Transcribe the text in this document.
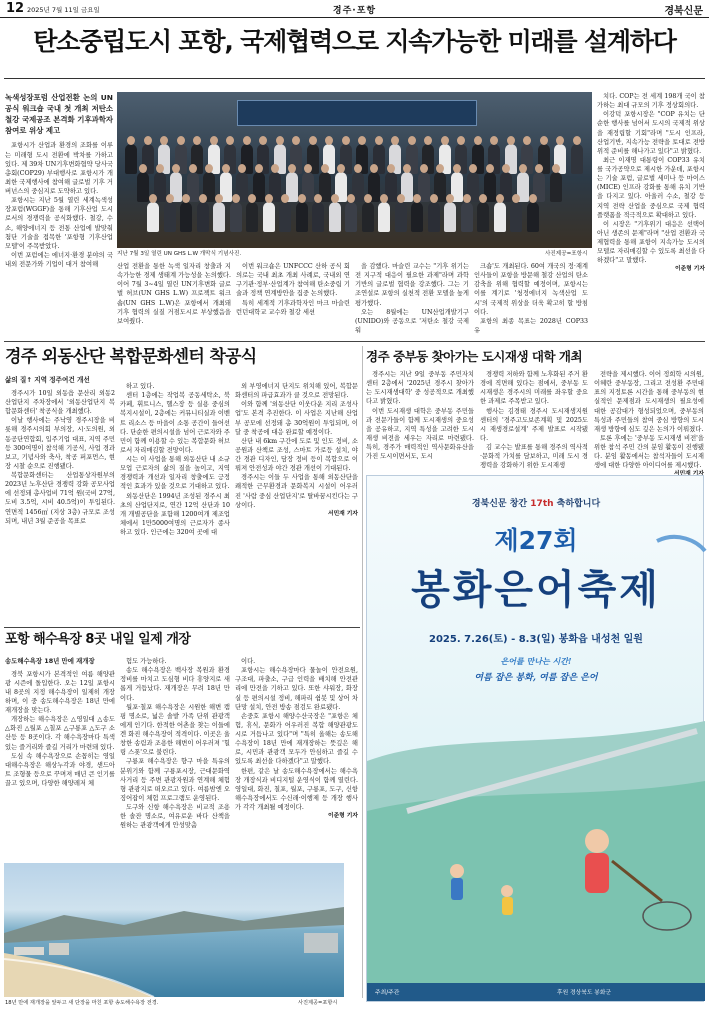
12 2025년 7월 11일 금요일	경주·포항	경북신문
탄소중립도시 포항, 국제협력으로 지속가능한 미래를 설계하다
녹색성장포럼 산업전환 논의 UN 공식 워크숍 국내 첫 개최 저탄소 철강 국제공조 본격화 기후과학자 참여로 위상 제고

포항시가 산업과 환경의 조화를 이루는 미래형 도시 전환에 박차를 가하고 있다. 제 39차 UN기후변화협약 당사국총회(COP29) 부대행사로 포항시가 개최한 국제행사에 참여해 글로벌 기후 거버넌스의 중심지로 도약하고 있다.

포항시는 지난 5월 열린 세계녹색성장포럼(WGGF)을 통해 기후산업 도시로서의 경쟁력을 공식화했다. 철강, 수소, 해양에너지 등 전통 산업에 발맞춰 첨단 기술을 접목한 '포항형 기후산업 모델'이 주목받았다.

이번 포럼에는 에너지·환경 분야의 국내외 전문가와 기업이 대거 참여해

지난 7월 3일 열린 UN GHS L.W 개막식 기념사진.	사진제공=포항시
산업 전환을 통한 녹색 일자리 창출과 지속가능한 경제 생태계 가능성을 논의했다. 이어 7월 3~4일 열린 UN기후변화 글로벌 허브(UN GHS L.W) 프로젝트 워크숍(UN GHS L.W)은 포항에서 개최돼 기후 협력의 실질 거점도시로 부상했음을 보여줬다.

이번 워크숍은 UNFCCC 산하 공식 회의로는 국내 최초 개최 사례로, 국내외 연구기관·정부·산업계가 참여해 탄소중립 기술과 정책 연계방안을 집중 논의했다.

특히 세계적 기후과학자인 마크 마슬린 런던대학교 교수와 철강 세션

을 감했다. 마슬린 교수는 "기후 위기는 전 지구적 대응이 필요한 과제"라며 과학 기반의 글로벌 협력을 강조했다. 그는 기조연설로 포항의 실천적 전환 모델을 높게 평가했다.

오는 8월에는 UN산업개발기구(UNIDO)와 공동으로 '저탄소 철강 국제워

크숍'도 개최된다. 60여 개국의 정·재계 인사들이 포항을 방문해 철강 산업의 탄소 감축을 위해 협력할 예정이며, 포항시는 이를 계기로 '청정에너지 녹색산업 도시'의 국제적 위상을 더욱 확고히 할 방침이다.

포항의 최종 목표는 2028년 COP33 유

치다. COP는 전 세계 198개 국이 참가하는 최대 규모의 기후 정상회의다.

이강덕 포항시장은 "COP 유치는 단순한 행사를 넘어서 도시의 국제적 위상을 재정립할 기회"라며 "도시 인프라, 산업기반, 지속가능 전략을 토대로 전방위적 준비를 해나가고 있다"고 밝혔다.

최근 이재명 대통령이 COP33 유치를 국가공약으로 제시한 가운데, 포항시는 기술 포럼, 글로벌 세미나 등 마이스(MICE) 인프라 강화를 통해 유치 기반을 다지고 있다. 아울러 수소, 철강 등 지역 전략 산업을 중심으로 국제 협력 플랫폼을 적극적으로 확대하고 있다.

이 시장은 "기후위기 대응은 선택이 아닌 생존의 문제"라며 "산업 전환과 국제협력을 통해 포항이 지속가능 도시의 모델로 자리매김할 수 있도록 최선을 다하겠다"고 말했다.

이준형 기자
경주 외동산단 복합문화센터 착공식
삶의 질↑ 지역 정주여건 개선

경주시가 10일 외동읍 문산리 외동2산업단지 주차장에서 '외동산업단지 복합문화센터' 착공식을 개최했다.

이날 행사에는 주낙영 경주시장을 비롯해 경주시의회 부의장, 시·도의원, 외동공단연합회, 입주기업 대표, 지역 주민 등 300여명이 참석해 기공식, 사업 경과보고, 기념사와 축사, 착공 퍼포먼스, 현장 시찰 순으로 진행됐다.

복합문화센터는 산업통상자원부의 2023년 노후산단 경쟁력 강화 공모사업에 선정돼 총사업비 71억 원(국비 27억, 도비 3.5억, 시비 40.5억)이 투입된다. 연면적 1456㎡ (지상 3층) 규모로 조성되며, 내년 3월 준공을 목표로

하고 있다.

센터 1층에는 작업복 공동세탁소, 북카페, 휘트니스, 헬스장 등 실용 중심의 복지시설이, 2층에는 커뮤니티실과 이벤트 리소스 등 마을이 소통 공간이 들어선다. 단순한 편의시설을 넘어 근로자와 주민이 함께 이용할 수 있는 복합문화 허브로서 자리매김할 전망이다.

시는 이 사업을 통해 외동산단 내 소규모업 근로자의 삶의 질을 높이고, 지역 경쟁력과 개선과 일자리 창출에도 긍정적인 효과가 있을 것으로 기대하고 있다.

외동산단은 1994년 조성된 경주시 최초의 산업단지로, 연간 12억 산단과 10개 개별공단을 포함해 1200여개 제조업체에서 1만5000여명의 근로자가 종사하고 있다. 인근에는 320여 곳에 대

외 부영에너지 단지도 위치해 있어, 복합문화센터의 파급효과가 클 것으로 전망된다.

이와 함께 '외동산단 이웃다운 지리 조성사업'도 본격 추진한다. 이 사업은 지난해 산업부 공모에 선정돼 총 30억원이 투입되며, 이달 중 착공에 대응 완료할 예정이다.

산단 내 6km 구간에 도로 및 인도 정비, 소공원과 산책로 조성, 스마트 가로등 설치, 야간 경관 디자인, 담장 정비 등이 복합으로 이뤄져 안전성과 야간 경관 개선이 기대된다.

경주시는 이들 두 사업을 통해 외동산단을 쾌적한 근무환경과 문화복지 시설이 어우러진 '사람 중심 산업단지'로 탈바꿈시킨다는 구상이다.

서민재 기자
경주 중부동 찾아가는 도시재생 대학 개최

경주시는 지난 9일 중부동 주민자치센터 2층에서 '2025년 경주시 찾아가는 도시재생대학' 중 성공적으로 개최했다고 밝혔다.

이번 도시재생 대학은 중부동 주민들과 전문가들이 함께 도시재생의 중요성을 공유하고, 지역 특성을 고려한 도시재생 비전을 세우는 자리로 마련됐다. 특히, 경주가 매력적인 역사문화유산을 가진 도시이면서도, 도시

경쟁력 저하와 함께 노후화된 주거 환경에 직면해 있다는 점에서, 중부동 도시재생은 경주시의 미래를 좌우할 중요한 과제로 주목받고 있다.

행사는 김경태 경주시 도시재생지원센터의 '경주고도보존계획 및 2025도시 재생경로설계' 주제 발표로 시작됐다.

김 교수는 발표를 통해 경주의 역사적·문화적 가치를 담보하고, 미래 도시 경쟁력을 강화하기 위한 도시재생

전략을 제시했다. 이어 정희학 시의원, 이혜란 중부동장, 그리고 전성환 주민대표의 지정토론 시간을 통해 중부동의 현실적인 문제점과 도시재생의 필요성에 대한 공감대가 형성되었으며, 중부동의 특성과 주민들의 참여 중심 방향의 도시재생 방향에 심도 깊은 논의가 이뤄졌다.

토론 후에는 '중부동 도시재생 비전'을 위한 참석 주민 간의 분임 활동이 진행됐다. 분임 활동에서는 참석자들이 도시재생에 대한 다양한 아이디어를 제시했다.

포항 해수욕장 8곳 내일 일제 개장
송도해수욕장 18년 만에 재개장

경북 포항시가 본격적인 여름 해양관광 시즌에 돌입한다. 오는 12일 포항시 내 8곳의 지정 해수욕장이 일제히 개장하며, 이 중 송도해수욕장은 18년 만에 재개장을 맞는다.

개장하는 해수욕장은 △영일대 △송도 △화진 △월포 △칠포 △구룡포 △도구 소산등 등 8곳이다. 각 해수욕장마다 특색 있는 즐거리와 즐길 거리가 마련돼 있다.

도심 속 해수욕장으로 손꼽히는 영일대해수욕장은 해상누각과 야경, 샌드아트 조형물 등으로 꾸며져 매년 큰 인기를 끌고 있으며, 다양한 해양레저 체

험도 가능하다.

송도 해수욕장은 백사장 복원과 환경 정비를 마치고 도심형 비다 휴양지로 새롭게 거듭났다. 재개장은 무려 18년 만이다.

월포·칠포 해수욕장은 시원한 해변 캠핑 명소로, 넓은 솔밭 가족 단위 관광객에게 인기다. 한적한 어촌을 찾는 이들에겐 화진 해수욕장이 적격이다. 이곳은 울창한 송림과 조용한 해변이 어우러져 '힐링 스폿'으로 불린다.

구룡포 해수욕장은 향구 마을 특유의 분위기와 함께 구룡포시장, 근대문화역사거리 등 주변 관광자원과 연계해 체험형 관광지로 떠오르고 있다. 여름밤엔 오징어잡이 체험 프로그램도 운영된다.

도구와 신항 해수욕장은 비교적 조용한 솔잔 명소로, 여유로운 바다 산책을 원하는 관광객에게 안성맞춤

이다.

포항시는 해수욕장마다 물놀이 안전요원, 구조대, 파출소, 구급 인력을 배치해 안전관리에 만전을 기하고 있다. 또한 샤워장, 화장실 등 편의시설 정비, 해파리 쉼봇 및 상어 차단망 설치, 안전 방송 점검도 완료됐다.

손중호 포항시 해양수산국장은 "포항은 체험, 휴식, 문화가 어우러진 복합 해양관광도시로 거듭나고 있다"며 "특히 올해는 송도해수욕장이 18년 만에 재개장하는 뜻깊은 해로, 시민과 관광객 모두가 안심하고 즐길 수 있도록 최선을 다하겠다"고 말했다.

한편, 같은 날 송도해수욕장에서는 해수욕장 개장식과 비디지털 운영식이 함께 열린다. 영일대, 화진, 칠포, 월포, 구룡포, 도구, 신항 해수욕장에서도 수신래·이행제 등 개장 행사가 각각 개최될 예정이다.

이준형 기자
18년 만에 재개장을 앞두고 새 단장을 마친 포항 송도해수욕장 전경.	사진제공=포항시
경북신문 창간 17th 축하합니다
제27회
봉화은어축제
2025. 7.26(토) - 8.3(일) 봉화읍 내성천 일원
은어를 만나는 시간!
여름 잡은 봉화, 여름 잡은 은어
주최/주관	후원 경상북도 봉화군
